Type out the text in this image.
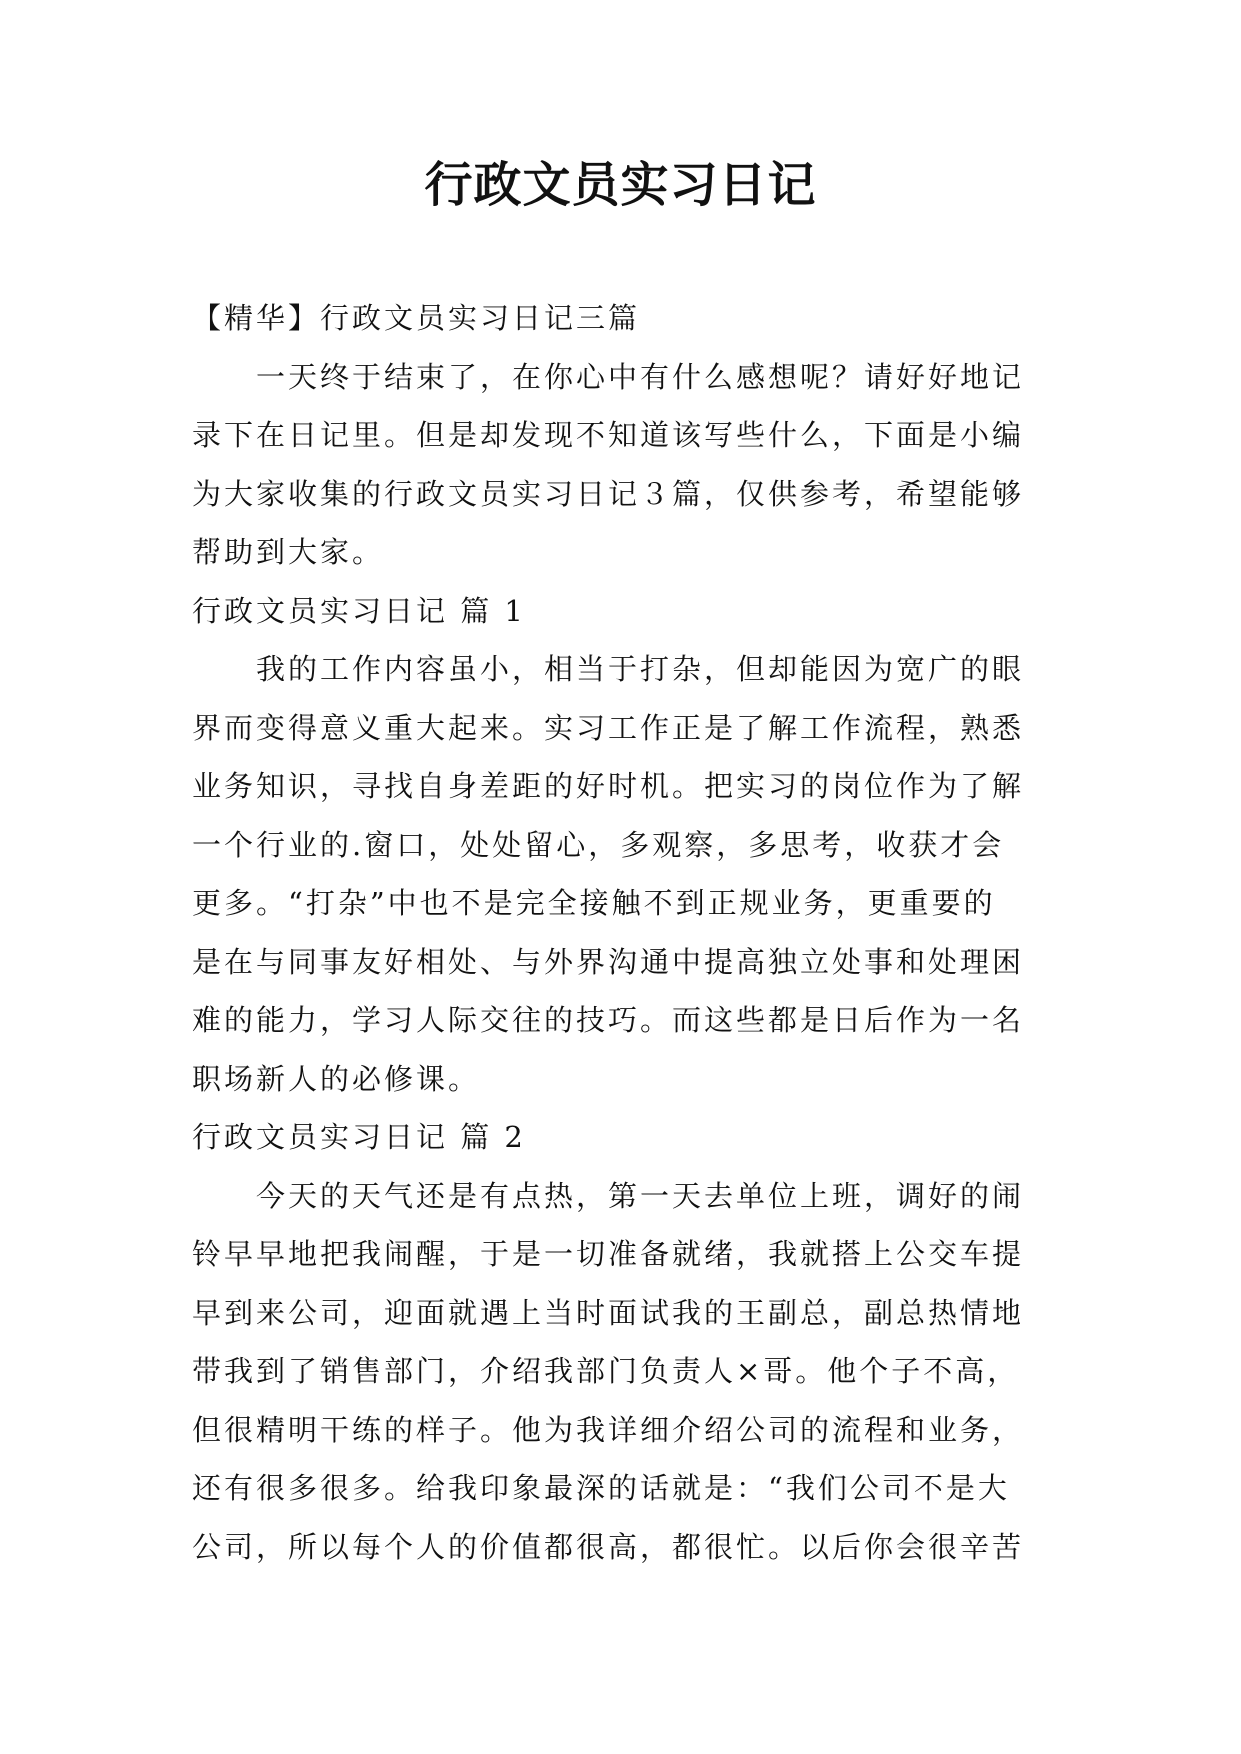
行政文员实习日记

【精华】行政文员实习日记三篇

一天终于结束了，在你心中有什么感想呢？请好好地记

录下在日记里。但是却发现不知道该写些什么，下面是小编

为大家收集的行政文员实习日记３篇，仅供参考，希望能够

帮助到大家。

行政文员实习日记 篇 1

我的工作内容虽小，相当于打杂，但却能因为宽广的眼

界而变得意义重大起来。实习工作正是了解工作流程，熟悉

业务知识，寻找自身差距的好时机。把实习的岗位作为了解

一个行业的.窗口，处处留心，多观察，多思考，收获才会

更多。“打杂”中也不是完全接触不到正规业务，更重要的

是在与同事友好相处、与外界沟通中提高独立处事和处理困

难的能力，学习人际交往的技巧。而这些都是日后作为一名

职场新人的必修课。

行政文员实习日记 篇 2

今天的天气还是有点热，第一天去单位上班，调好的闹

铃早早地把我闹醒，于是一切准备就绪，我就搭上公交车提

早到来公司，迎面就遇上当时面试我的王副总，副总热情地

带我到了销售部门，介绍我部门负责人×哥。他个子不高，

但很精明干练的样子。他为我详细介绍公司的流程和业务，

还有很多很多。给我印象最深的话就是：“我们公司不是大

公司，所以每个人的价值都很高，都很忙。以后你会很辛苦
